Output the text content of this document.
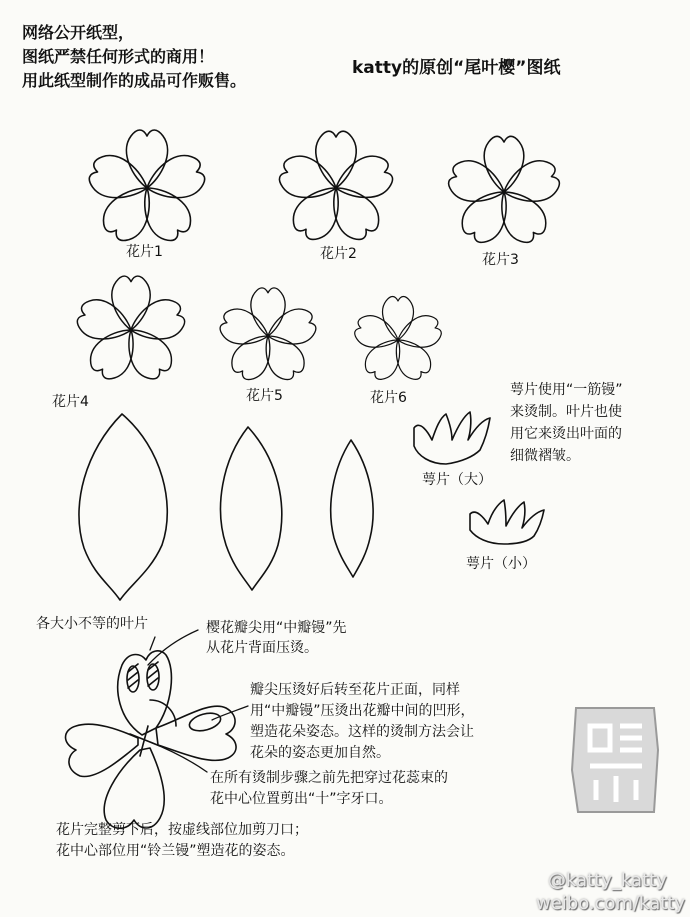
网络公开纸型，
图纸严禁任何形式的商用！
用此纸型制作的成品可作贩售。
katty的原创“尾叶樱”图纸
花片1	花片2	花片3
花片4	花片5	花片6	萼片使用“一筋镘”
来烫制。叶片也使
用它来烫出叶面的
细微褶皱。
萼片（大）
萼片（小）
各大小不等的叶片	樱花瓣尖用“中瓣镘”先
从花片背面压烫。
瓣尖压烫好后转至花片正面，同样
用“中瓣镘”压烫出花瓣中间的凹形，
塑造花朵姿态。这样的烫制方法会让
花朵的姿态更加自然。
在所有烫制步骤之前先把穿过花蕊束的
花中心位置剪出“十”字牙口。
花片完整剪下后，按虚线部位加剪刀口；
花中心部位用“铃兰镘”塑造花的姿态。
@katty_katty
weibo.com/katty
